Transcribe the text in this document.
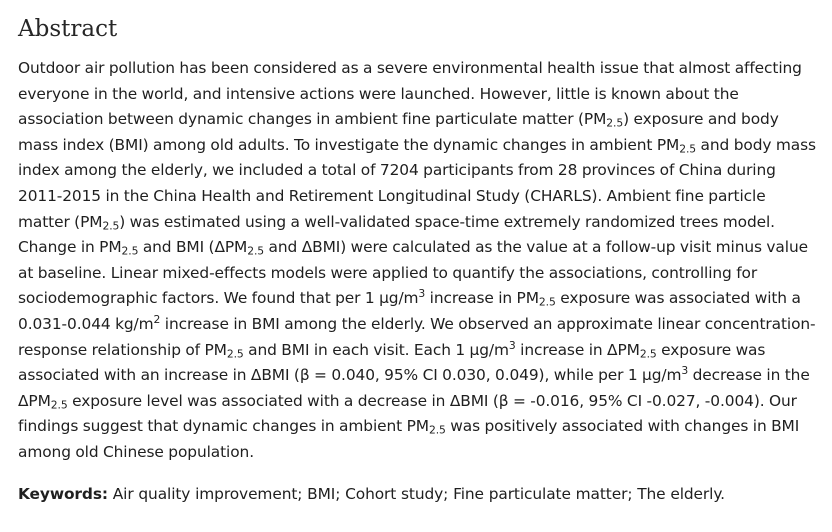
Abstract

Outdoor air pollution has been considered as a severe environmental health issue that almost affecting everyone in the world, and intensive actions were launched. However, little is known about the association between dynamic changes in ambient fine particulate matter $(PM_{2.5})$ exposure and body mass index (BMI) among old adults. To investigate the dynamic changes in ambient $PM_{2.5}$ and body mass index among the elderly, we included a total of 7204 participants from 28 provinces of China during 2011-2015 in the China Health and Retirement Longitudinal Study (CHARLS). Ambient fine particle matter $(PM_{2.5})$ was estimated using a well-validated space-time extremely randomized trees model. Change in $PM_{2.5}$ and BMI ($\Delta PM_{2.5}$ and ΔBMI) were calculated as the value at a follow-up visit minus value at baseline. Linear mixed-effects models were applied to quantify the associations, controlling for sociodemographic factors. We found that per 1 $\mu g/m^3$ increase in $PM_{2.5}$ exposure was associated with a 0.031-0.044 $kg/m^2$ increase in BMI among the elderly. We observed an approximate linear concentration-response relationship of $PM_{2.5}$ and BMI in each visit. Each 1 $\mu g/m^3$ increase in $\Delta PM_{2.5}$ exposure was associated with an increase in ΔBMI (β = 0.040, 95% CI 0.030, 0.049), while per 1 $\mu g/m^3$ decrease in the $\Delta PM_{2.5}$ exposure level was associated with a decrease in ΔBMI (β = -0.016, 95% CI -0.027, -0.004). Our findings suggest that dynamic changes in ambient $PM_{2.5}$ was positively associated with changes in BMI among old Chinese population.

Keywords: Air quality improvement; BMI; Cohort study; Fine particulate matter; The elderly.
